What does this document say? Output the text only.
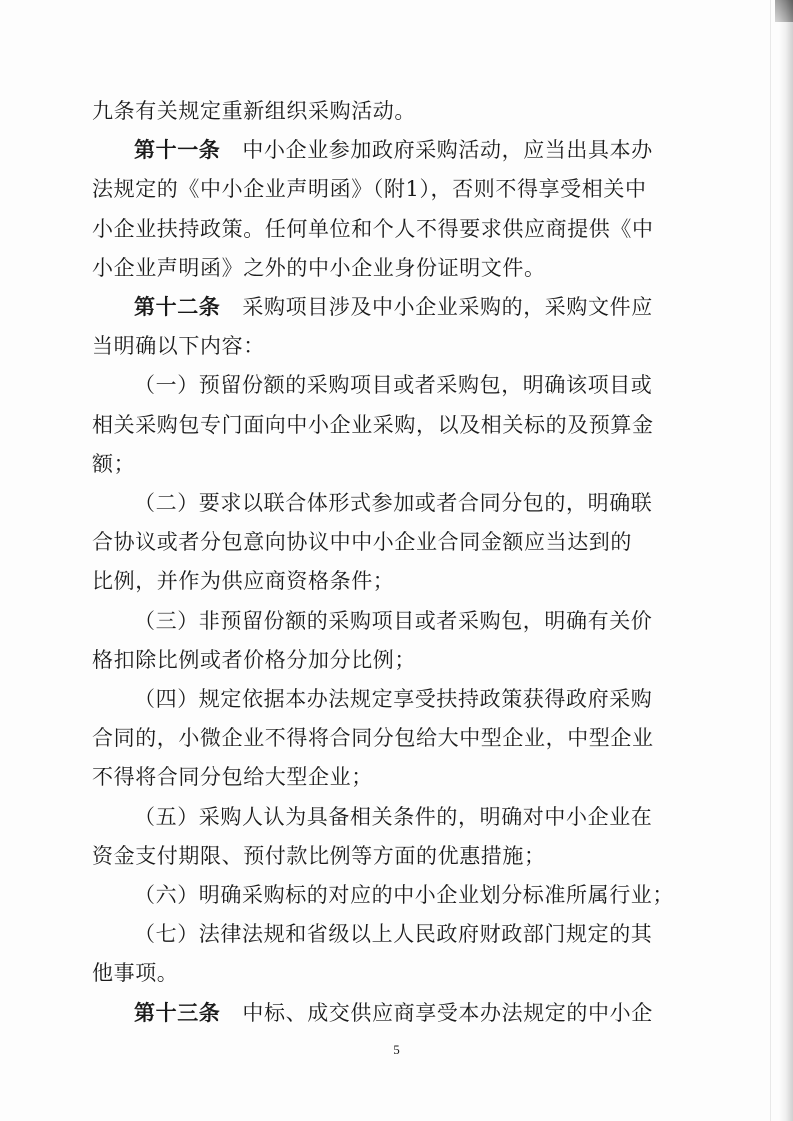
九条有关规定重新组织采购活动。
第十一条 中小企业参加政府采购活动，应当出具本办
法规定的《中小企业声明函》（附1），否则不得享受相关中
小企业扶持政策。任何单位和个人不得要求供应商提供《中
小企业声明函》之外的中小企业身份证明文件。
第十二条 采购项目涉及中小企业采购的，采购文件应
当明确以下内容：
（一）预留份额的采购项目或者采购包，明确该项目或
相关采购包专门面向中小企业采购，以及相关标的及预算金
额；
（二）要求以联合体形式参加或者合同分包的，明确联
合协议或者分包意向协议中中小企业合同金额应当达到的
比例，并作为供应商资格条件；
（三）非预留份额的采购项目或者采购包，明确有关价
格扣除比例或者价格分加分比例；
（四）规定依据本办法规定享受扶持政策获得政府采购
合同的，小微企业不得将合同分包给大中型企业，中型企业
不得将合同分包给大型企业；
（五）采购人认为具备相关条件的，明确对中小企业在
资金支付期限、预付款比例等方面的优惠措施；
（六）明确采购标的对应的中小企业划分标准所属行业；
（七）法律法规和省级以上人民政府财政部门规定的其
他事项。
第十三条 中标、成交供应商享受本办法规定的中小企
5
